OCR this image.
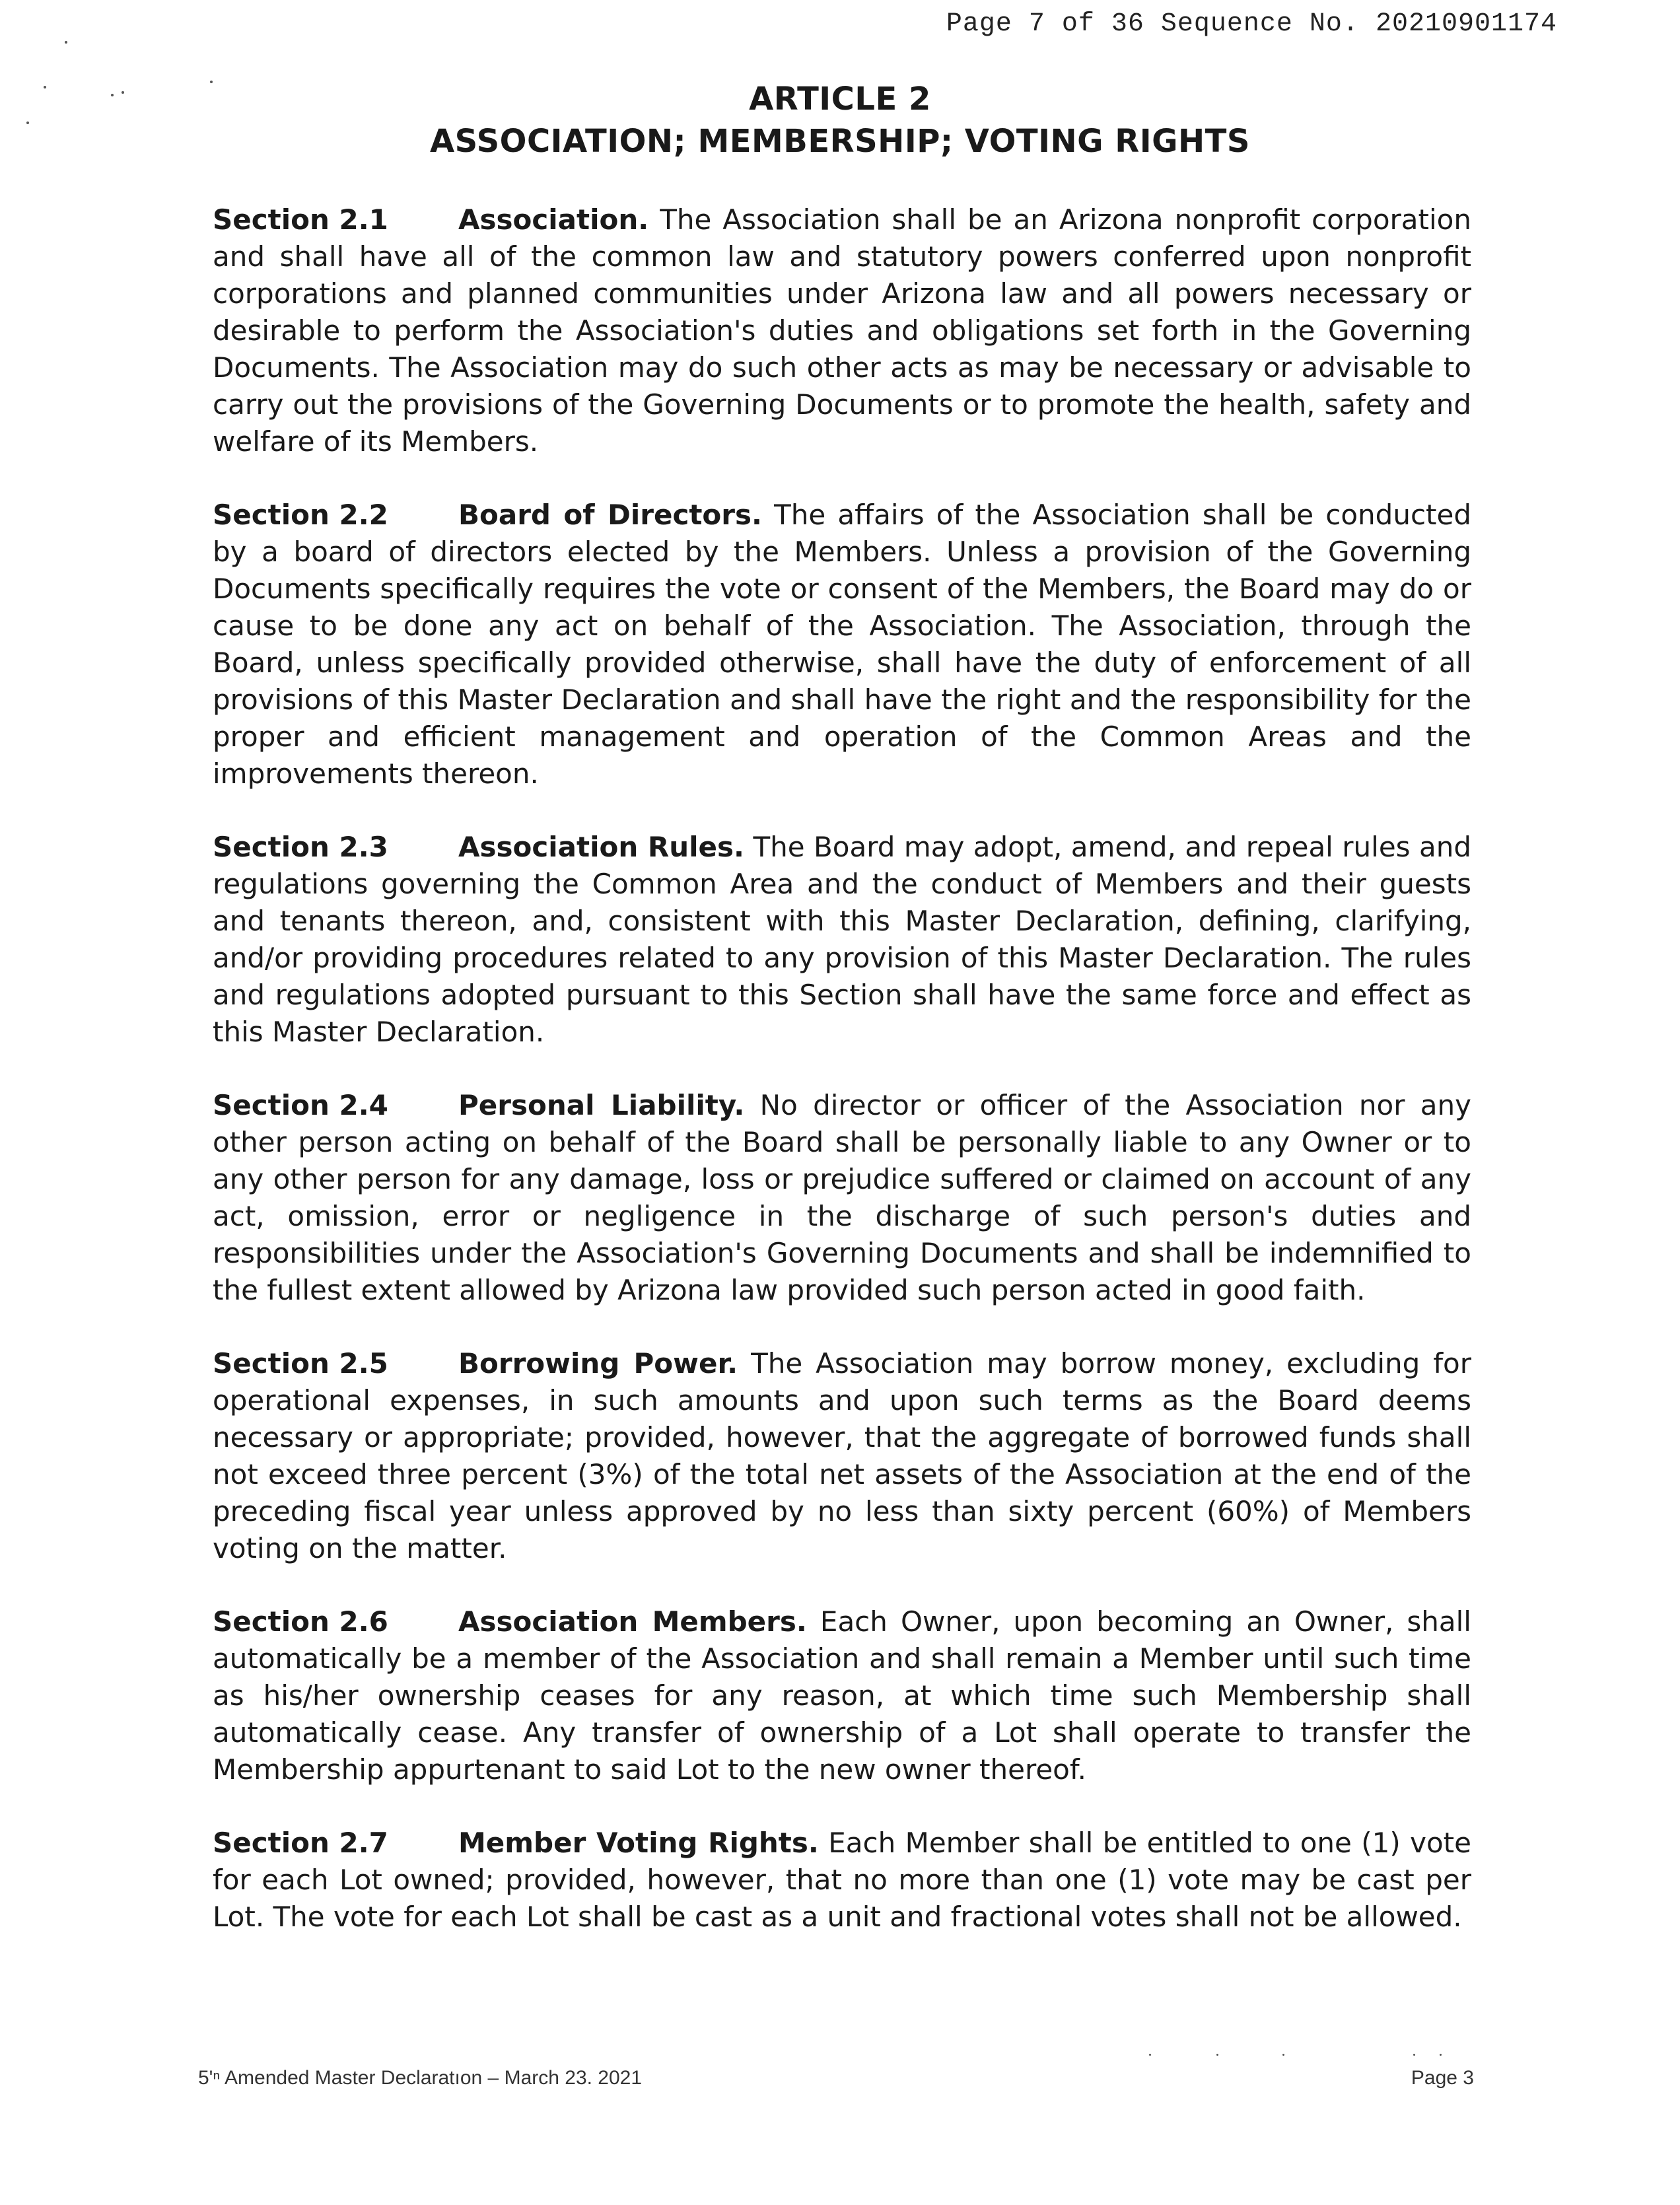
Page 7 of 36 Sequence No. 20210901174
ARTICLE 2
ASSOCIATION; MEMBERSHIP; VOTING RIGHTS

Section 2.1	Association. The Association shall be an Arizona nonprofit corporation and shall have all of the common law and statutory powers conferred upon nonprofit corporations and planned communities under Arizona law and all powers necessary or desirable to perform the Association's duties and obligations set forth in the Governing Documents. The Association may do such other acts as may be necessary or advisable to carry out the provisions of the Governing Documents or to promote the health, safety and welfare of its Members.

Section 2.2	Board of Directors. The affairs of the Association shall be conducted by a board of directors elected by the Members. Unless a provision of the Governing Documents specifically requires the vote or consent of the Members, the Board may do or cause to be done any act on behalf of the Association. The Association, through the Board, unless specifically provided otherwise, shall have the duty of enforcement of all provisions of this Master Declaration and shall have the right and the responsibility for the proper and efficient management and operation of the Common Areas and the improvements thereon.

Section 2.3	Association Rules. The Board may adopt, amend, and repeal rules and regulations governing the Common Area and the conduct of Members and their guests and tenants thereon, and, consistent with this Master Declaration, defining, clarifying, and/or providing procedures related to any provision of this Master Declaration. The rules and regulations adopted pursuant to this Section shall have the same force and effect as this Master Declaration.

Section 2.4	Personal Liability. No director or officer of the Association nor any other person acting on behalf of the Board shall be personally liable to any Owner or to any other person for any damage, loss or prejudice suffered or claimed on account of any act, omission, error or negligence in the discharge of such person's duties and responsibilities under the Association's Governing Documents and shall be indemnified to the fullest extent allowed by Arizona law provided such person acted in good faith.

Section 2.5	Borrowing Power. The Association may borrow money, excluding for operational expenses, in such amounts and upon such terms as the Board deems necessary or appropriate; provided, however, that the aggregate of borrowed funds shall not exceed three percent (3%) of the total net assets of the Association at the end of the preceding fiscal year unless approved by no less than sixty percent (60%) of Members voting on the matter.

Section 2.6	Association Members. Each Owner, upon becoming an Owner, shall automatically be a member of the Association and shall remain a Member until such time as his/her ownership ceases for any reason, at which time such Membership shall automatically cease. Any transfer of ownership of a Lot shall operate to transfer the Membership appurtenant to said Lot to the new owner thereof.

Section 2.7	Member Voting Rights. Each Member shall be entitled to one (1) vote for each Lot owned; provided, however, that no more than one (1) vote may be cast per Lot. The vote for each Lot shall be cast as a unit and fractional votes shall not be allowed.

5'ⁿ Amended Master Declaratıon – March 23. 2021	Page 3
